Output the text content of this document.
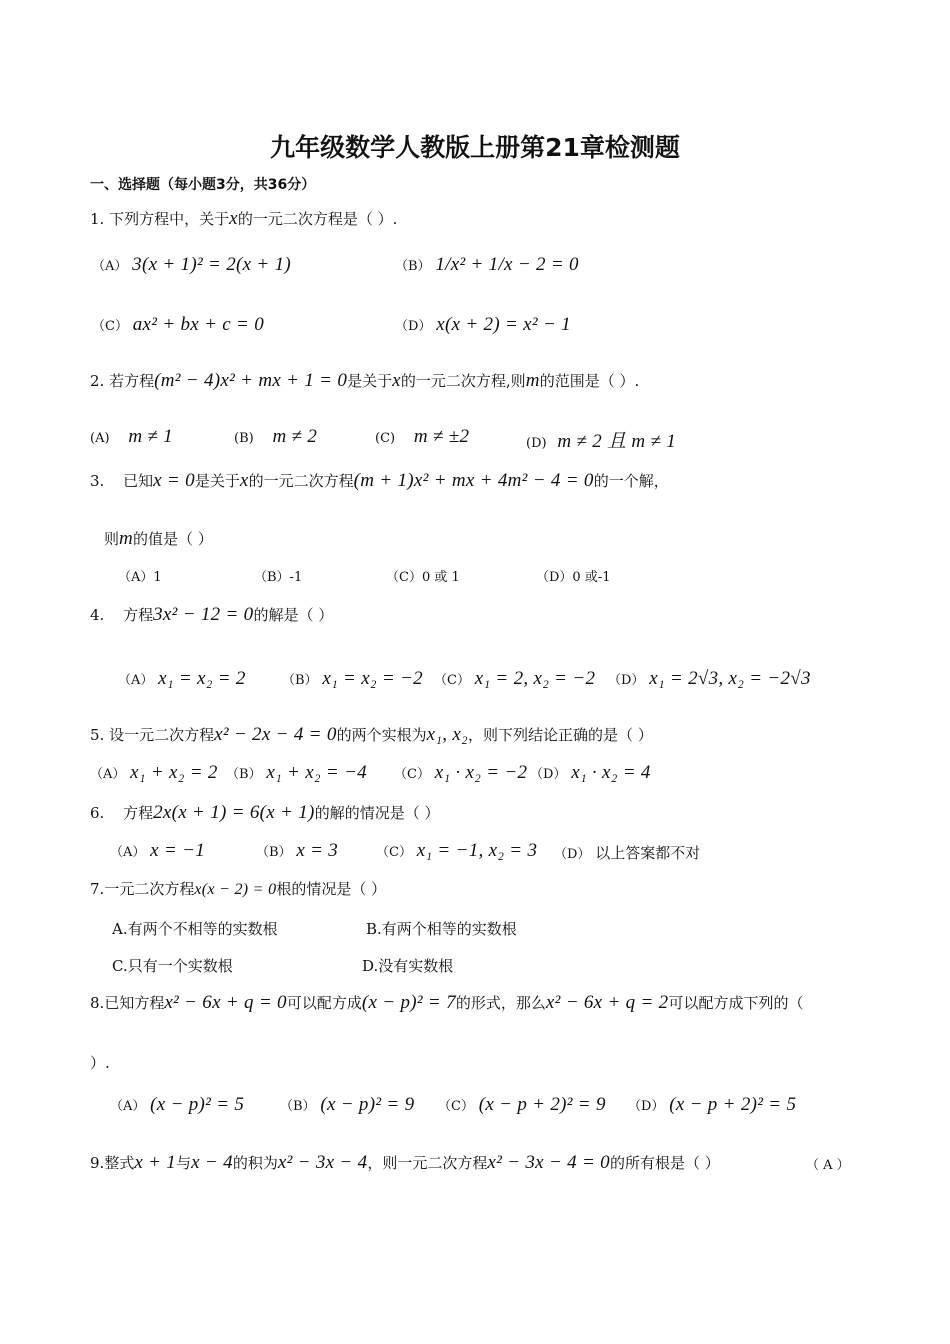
九年级数学人教版上册第21章检测题
一、选择题（每小题3分，共36分）
1. 下列方程中，关于x的一元二次方程是（ ）.
（A） 3(x + 1)² = 2(x + 1)	（B） 1/x² + 1/x − 2 = 0
（C） ax² + bx + c = 0	（D） x(x + 2) = x² − 1
2. 若方程(m² − 4)x² + mx + 1 = 0是关于x的一元二次方程,则m的范围是（ ）.
(A) m ≠ 1	(B) m ≠ 2	(C) m ≠ ±2	(D) m ≠ 2 且 m ≠ 1
3. 已知x = 0是关于x的一元二次方程(m + 1)x² + mx + 4m² − 4 = 0的一个解，
则m的值是（ ）
（A）1	（B）-1	（C）0 或 1	（D）0 或-1
4. 方程3x² − 12 = 0的解是（ ）
（A） x₁ = x₂ = 2	（B） x₁ = x₂ = −2 （C） x₁ = 2, x₂ = −2 （D） x₁ = 2√3, x₂ = −2√3
5. 设一元二次方程x² − 2x − 4 = 0的两个实根为x₁, x₂，则下列结论正确的是（ ）
（A） x₁ + x₂ = 2 （B） x₁ + x₂ = −4 （C） x₁ · x₂ = −2 （D） x₁ · x₂ = 4
6. 方程2x(x + 1) = 6(x + 1)的解的情况是（ ）
（A） x = −1	（B） x = 3	（C） x₁ = −1, x₂ = 3 （D） 以上答案都不对
7.一元二次方程x(x − 2) = 0根的情况是（ ）
A.有两个不相等的实数根	B.有两个相等的实数根
C.只有一个实数根	D.没有实数根
8.已知方程x² − 6x + q = 0可以配方成(x − p)² = 7的形式，那么x² − 6x + q = 2可以配方成下列的（
）.
（A） (x − p)² = 5	（B） (x − p)² = 9 （C） (x − p + 2)² = 9 （D） (x − p + 2)² = 5
9.整式x + 1与x − 4的积为x² − 3x − 4，则一元二次方程x² − 3x − 4 = 0的所有根是（ ）	（ A ）
